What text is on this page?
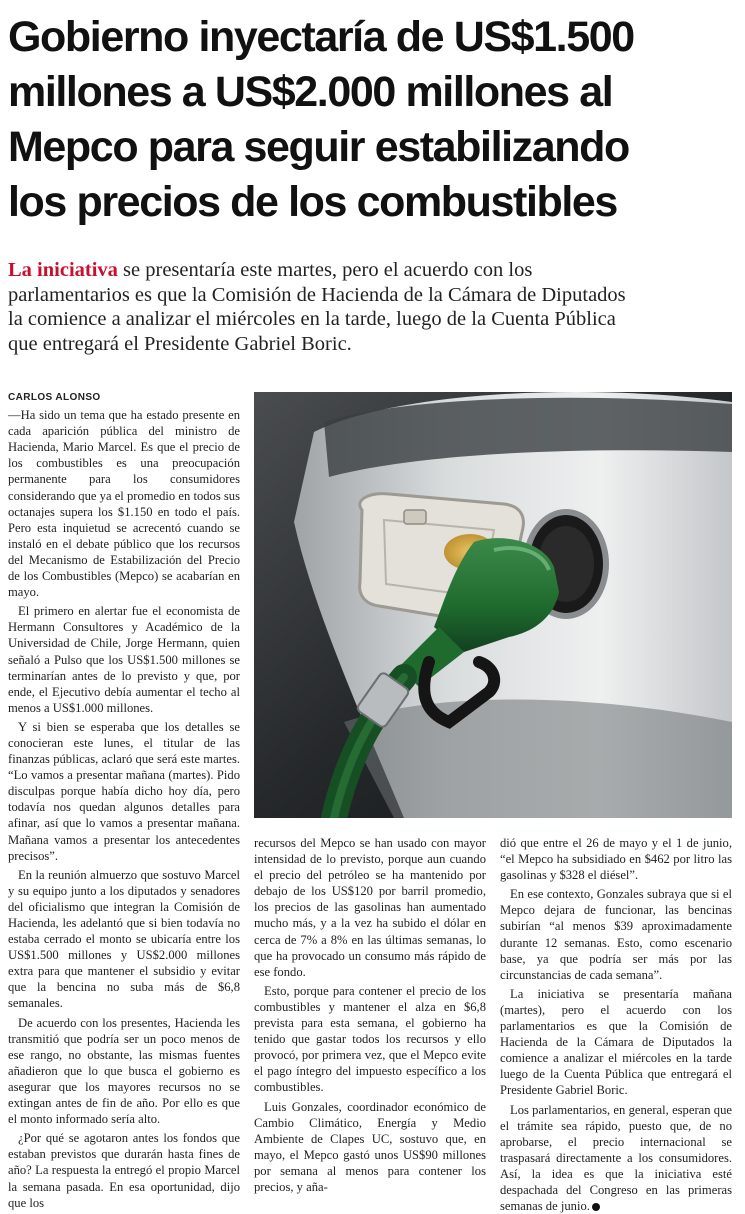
Gobierno inyectaría de US$1.500
millones a US$2.000 millones al
Mepco para seguir estabilizando
los precios de los combustibles
La iniciativa se presentaría este martes, pero el acuerdo con los
parlamentarios es que la Comisión de Hacienda de la Cámara de Diputados
la comience a analizar el miércoles en la tarde, luego de la Cuenta Pública
que entregará el Presidente Gabriel Boric.
CARLOS ALONSO

—Ha sido un tema que ha estado presente en cada aparición pública del ministro de Hacienda, Mario Marcel. Es que el precio de los combustibles es una preocupación permanente para los consumidores considerando que ya el promedio en todos sus octanajes supera los $1.150 en todo el país. Pero esta inquietud se acrecentó cuando se instaló en el debate público que los recursos del Mecanismo de Estabilización del Precio de los Combustibles (Mepco) se acabarían en mayo.

El primero en alertar fue el economista de Hermann Consultores y Académico de la Universidad de Chile, Jorge Hermann, quien señaló a Pulso que los US$1.500 millones se terminarían antes de lo previsto y que, por ende, el Ejecutivo debía aumentar el techo al menos a US$1.000 millones.

Y si bien se esperaba que los detalles se conocieran este lunes, el titular de las finanzas públicas, aclaró que será este martes. “Lo vamos a presentar mañana (martes). Pido disculpas porque había dicho hoy día, pero todavía nos quedan algunos detalles para afinar, así que lo vamos a presentar mañana. Mañana vamos a presentar los antecedentes precisos”.

En la reunión almuerzo que sostuvo Marcel y su equipo junto a los diputados y senadores del oficialismo que integran la Comisión de Hacienda, les adelantó que si bien todavía no estaba cerrado el monto se ubicaría entre los US$1.500 millones y US$2.000 millones extra para que mantener el subsidio y evitar que la bencina no suba más de $6,8 semanales.

De acuerdo con los presentes, Hacienda les transmitió que podría ser un poco menos de ese rango, no obstante, las mismas fuentes añadieron que lo que busca el gobierno es asegurar que los mayores recursos no se extingan antes de fin de año. Por ello es que el monto informado sería alto.

¿Por qué se agotaron antes los fondos que estaban previstos que durarán hasta fines de año? La respuesta la entregó el propio Marcel la semana pasada. En esa oportunidad, dijo que los

recursos del Mepco se han usado con mayor intensidad de lo previsto, porque aun cuando el precio del petróleo se ha mantenido por debajo de los US$120 por barril promedio, los precios de las gasolinas han aumentado mucho más, y a la vez ha subido el dólar en cerca de 7% a 8% en las últimas semanas, lo que ha provocado un consumo más rápido de ese fondo.

Esto, porque para contener el precio de los combustibles y mantener el alza en $6,8 prevista para esta semana, el gobierno ha tenido que gastar todos los recursos y ello provocó, por primera vez, que el Mepco evite el pago íntegro del impuesto específico a los combustibles.

Luis Gonzales, coordinador económico de Cambio Climático, Energía y Medio Ambiente de Clapes UC, sostuvo que, en mayo, el Mepco gastó unos US$90 millones por semana al menos para contener los precios, y aña-

dió que entre el 26 de mayo y el 1 de junio, “el Mepco ha subsidiado en $462 por litro las gasolinas y $328 el diésel”.

En ese contexto, Gonzales subraya que si el Mepco dejara de funcionar, las bencinas subirían “al menos $39 aproximadamente durante 12 semanas. Esto, como escenario base, ya que podría ser más por las circunstancias de cada semana”.

La iniciativa se presentaría mañana (martes), pero el acuerdo con los parlamentarios es que la Comisión de Hacienda de la Cámara de Diputados la comience a analizar el miércoles en la tarde luego de la Cuenta Pública que entregará el Presidente Gabriel Boric.

Los parlamentarios, en general, esperan que el trámite sea rápido, puesto que, de no aprobarse, el precio internacional se traspasará directamente a los consumidores. Así, la idea es que la iniciativa esté despachada del Congreso en las primeras semanas de junio.
